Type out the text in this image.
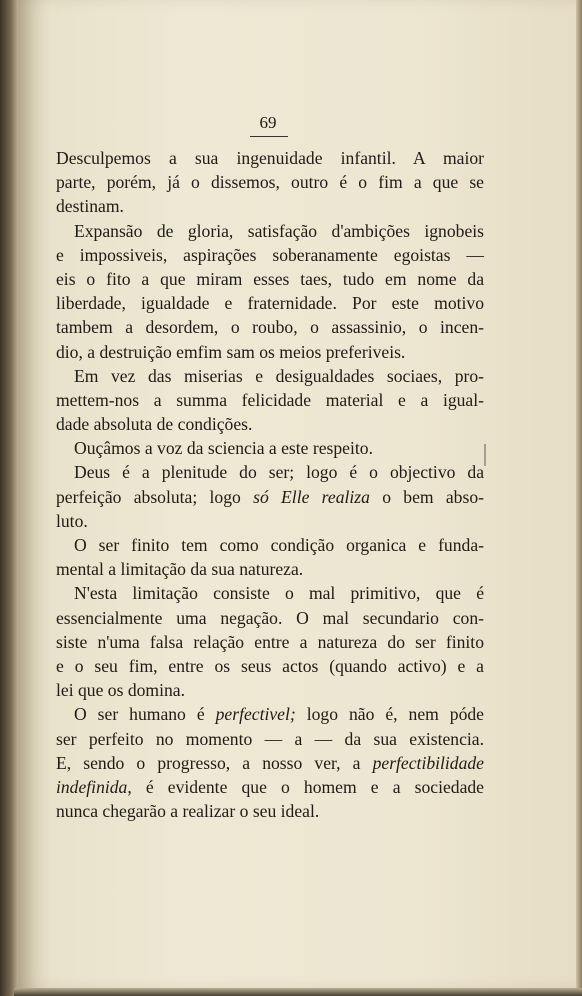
69
Desculpemos a sua ingenuidade infantil. A maior
parte, porém, já o dissemos, outro é o fim a que se
destinam.
Expansão de gloria, satisfação d'ambições ignobeis
e impossiveis, aspirações soberanamente egoistas —
eis o fito a que miram esses taes, tudo em nome da
liberdade, igualdade e fraternidade. Por este motivo
tambem a desordem, o roubo, o assassinio, o incen-
dio, a destruição emfim sam os meios preferiveis.
Em vez das miserias e desigualdades sociaes, pro-
mettem-nos a summa felicidade material e a igual-
dade absoluta de condições.
Ouçâmos a voz da sciencia a este respeito.
Deus é a plenitude do ser; logo é o objectivo da
perfeição absoluta; logo só Elle realiza o bem abso-
luto.
O ser finito tem como condição organica e funda-
mental a limitação da sua natureza.
N'esta limitação consiste o mal primitivo, que é
essencialmente uma negação. O mal secundario con-
siste n'uma falsa relação entre a natureza do ser finito
e o seu fim, entre os seus actos (quando activo) e a
lei que os domina.
O ser humano é perfectivel; logo não é, nem póde
ser perfeito no momento — a — da sua existencia.
E, sendo o progresso, a nosso ver, a perfectibilidade
indefinida, é evidente que o homem e a sociedade
nunca chegarão a realizar o seu ideal.
